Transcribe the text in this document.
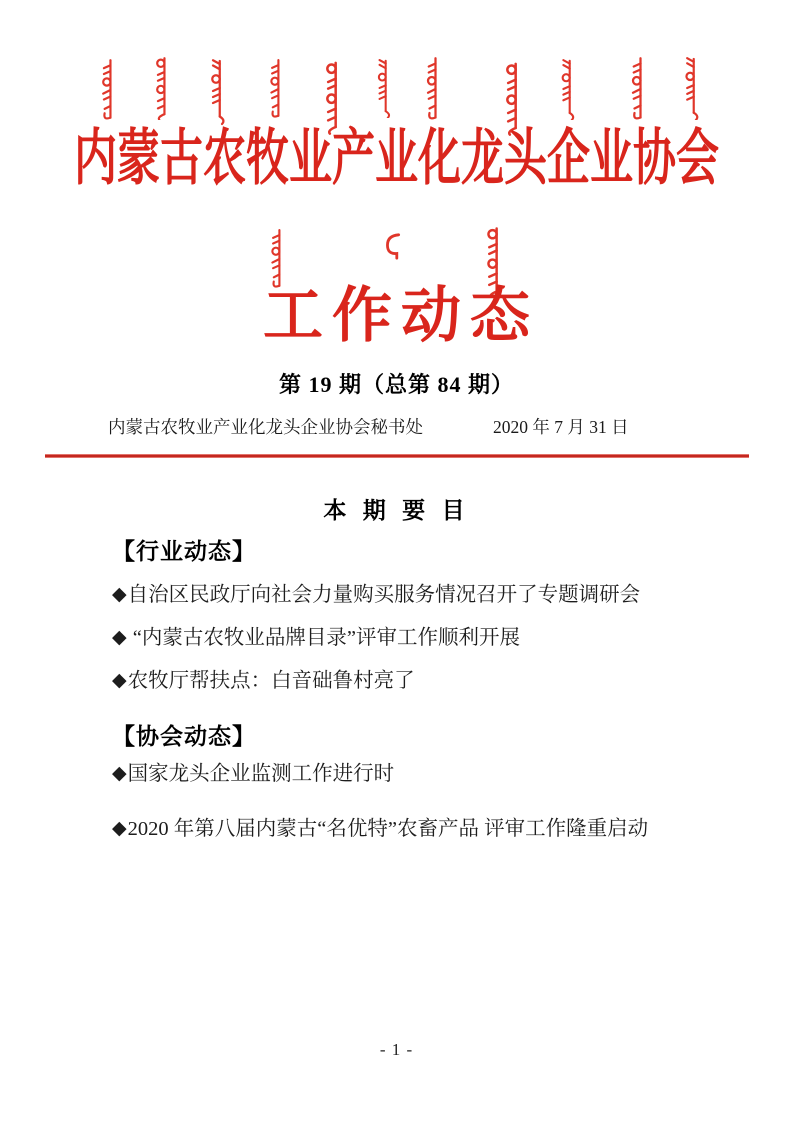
内蒙古农牧业产业化龙头企业协会
工作动态
第 19 期（总第 84 期）
内蒙古农牧业产业化龙头企业协会秘书处	2020 年 7 月 31 日
本 期 要 目
【行业动态】

◆自治区民政厅向社会力量购买服务情况召开了专题调研会

◆ “内蒙古农牧业品牌目录”评审工作顺利开展

◆农牧厅帮扶点：白音础鲁村亮了

【协会动态】

◆国家龙头企业监测工作进行时

◆2020 年第八届内蒙古“名优特”农畜产品 评审工作隆重启动

- 1 -
